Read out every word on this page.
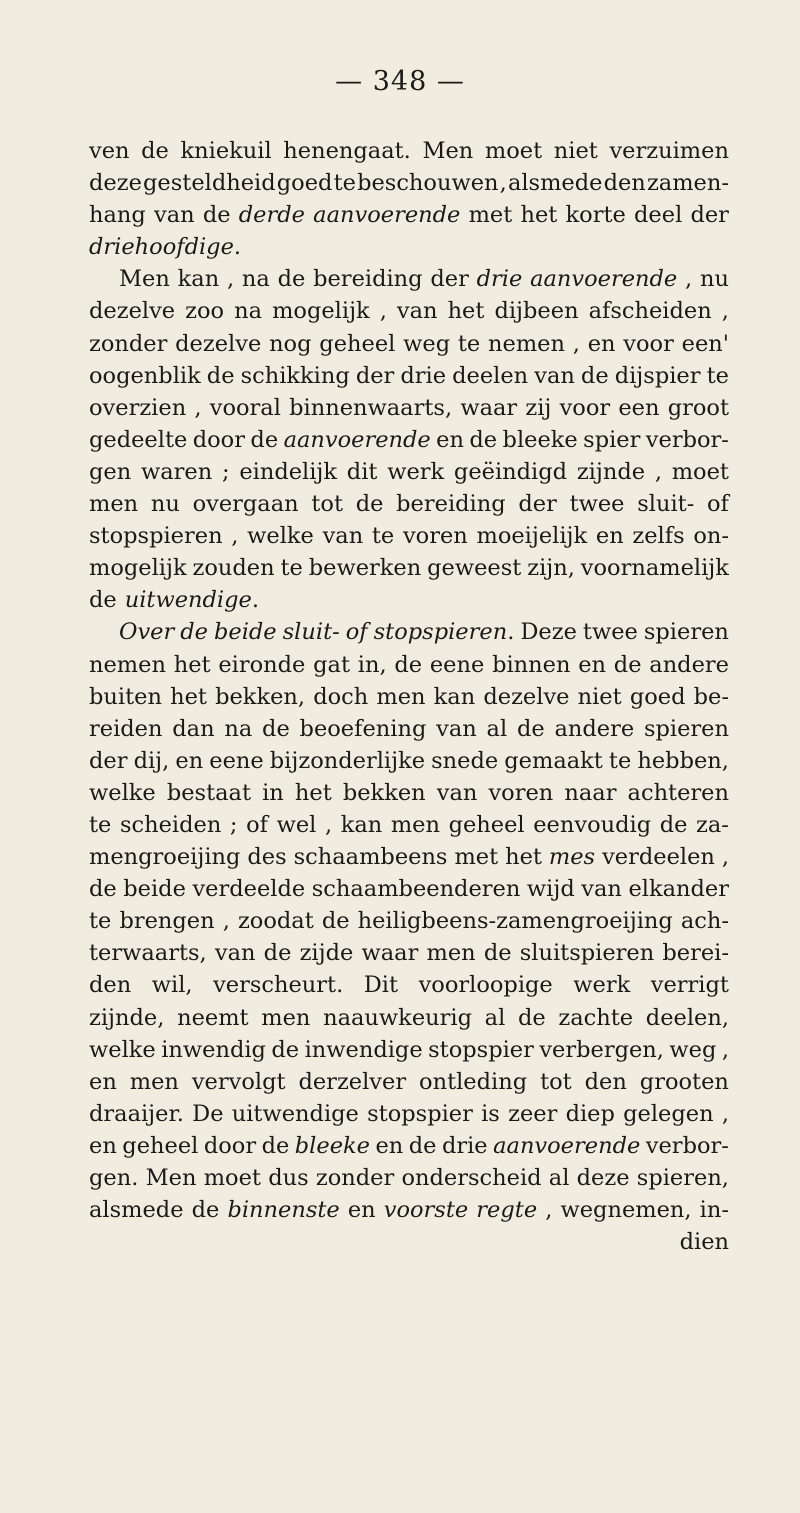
— 348 —
ven de kniekuil henengaat. Men moet niet verzuimen
deze gesteldheid goed te beschouwen , alsmede den zamen-
hang van de derde aanvoerende met het korte deel der
driehoofdige.
Men kan , na de bereiding der drie aanvoerende , nu
dezelve zoo na mogelijk , van het dijbeen afscheiden ,
zonder dezelve nog geheel weg te nemen , en voor een'
oogenblik de schikking der drie deelen van de dijspier te
overzien , vooral binnenwaarts, waar zij voor een groot
gedeelte door de aanvoerende en de bleeke spier verbor-
gen waren ; eindelijk dit werk geëindigd zijnde , moet
men nu overgaan tot de bereiding der twee sluit- of
stopspieren , welke van te voren moeijelijk en zelfs on-
mogelijk zouden te bewerken geweest zijn, voornamelijk
de uitwendige.
Over de beide sluit- of stopspieren. Deze twee spieren
nemen het eironde gat in, de eene binnen en de andere
buiten het bekken, doch men kan dezelve niet goed be-
reiden dan na de beoefening van al de andere spieren
der dij, en eene bijzonderlijke snede gemaakt te hebben,
welke bestaat in het bekken van voren naar achteren
te scheiden ; of wel , kan men geheel eenvoudig de za-
mengroeijing des schaambeens met het mes verdeelen ,
de beide verdeelde schaambeenderen wijd van elkander
te brengen , zoodat de heiligbeens-zamengroeijing ach-
terwaarts, van de zijde waar men de sluitspieren berei-
den wil, verscheurt. Dit voorloopige werk verrigt
zijnde, neemt men naauwkeurig al de zachte deelen,
welke inwendig de inwendige stopspier verbergen, weg ,
en men vervolgt derzelver ontleding tot den grooten
draaijer. De uitwendige stopspier is zeer diep gelegen ,
en geheel door de bleeke en de drie aanvoerende verbor-
gen. Men moet dus zonder onderscheid al deze spieren,
alsmede de binnenste en voorste regte , wegnemen, in-
dien
